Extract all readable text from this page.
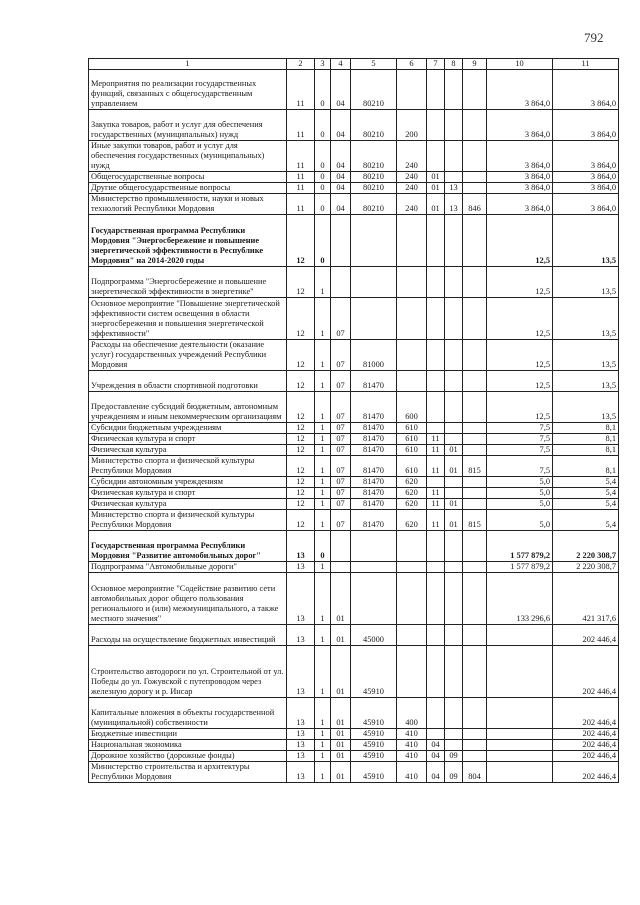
792
1	2	3	4	5	6	7	8	9	10	11
Мероприятия по реализации государственных функций, связанных с общегосударственным управлением	11	0	04	80210					3 864,0	3 864,0
Закупка товаров, работ и услуг для обеспечения государственных (муниципальных) нужд	11	0	04	80210	200				3 864,0	3 864,0
Иные закупки товаров, работ и услуг для обеспечения государственных (муниципальных) нужд	11	0	04	80210	240				3 864,0	3 864,0
Общегосударственные вопросы	11	0	04	80210	240	01			3 864,0	3 864,0
Другие общегосударственные вопросы	11	0	04	80210	240	01	13		3 864,0	3 864,0
Министерство промышленности, науки и новых технологий Республики Мордовия	11	0	04	80210	240	01	13	846	3 864,0	3 864,0
Государственная программа Республики Мордовия "Энергосбережение и повышение энергетической эффективности в Республике Мордовия" на 2014-2020 годы	12	0							12,5	13,5
Подпрограмма "Энергосбережение и повышение энергетической эффективности в энергетике"	12	1							12,5	13,5
Основное мероприятие "Повышение энергетической эффективности систем освещения в области энергосбережения и повышения энергетической эффективности"	12	1	07						12,5	13,5
Расходы на обеспечение деятельности (оказание услуг) государственных учреждений Республики Мордовия	12	1	07	81000					12,5	13,5
Учреждения в области спортивной подготовки	12	1	07	81470					12,5	13,5
Предоставление субсидий бюджетным, автономным учреждениям и иным некоммерческим организациям	12	1	07	81470	600				12,5	13,5
Субсидии бюджетным учреждениям	12	1	07	81470	610				7,5	8,1
Физическая культура и спорт	12	1	07	81470	610	11			7,5	8,1
Физическая культура	12	1	07	81470	610	11	01		7,5	8,1
Министерство спорта и физической культуры Республики Мордовия	12	1	07	81470	610	11	01	815	7,5	8,1
Субсидии автономным учреждениям	12	1	07	81470	620				5,0	5,4
Физическая культура и спорт	12	1	07	81470	620	11			5,0	5,4
Физическая культура	12	1	07	81470	620	11	01		5,0	5,4
Министерство спорта и физической культуры Республики Мордовия	12	1	07	81470	620	11	01	815	5,0	5,4
Государственная программа Республики Мордовия "Развитие автомобильных дорог"	13	0							1 577 879,2	2 220 308,7
Подпрограмма "Автомобильные дороги"	13	1							1 577 879,2	2 220 308,7
Основное мероприятие "Содействие развитию сети автомобильных дорог общего пользования регионального и (или) межмуниципального, а также местного значения"	13	1	01						133 296,6	421 317,6
Расходы на осуществление бюджетных инвестиций	13	1	01	45000						202 446,4
Строительство автодороги по ул. Строительной от ул. Победы до ул. Гожувской с путепроводом через железную дорогу и р. Инсар	13	1	01	45910						202 446,4
Капитальные вложения в объекты государственной (муниципальной) собственности	13	1	01	45910	400					202 446,4
Бюджетные инвестиции	13	1	01	45910	410					202 446,4
Национальная экономика	13	1	01	45910	410	04				202 446,4
Дорожное хозяйство (дорожные фонды)	13	1	01	45910	410	04	09			202 446,4
Министерство строительства и архитектуры Республики Мордовия	13	1	01	45910	410	04	09	804		202 446,4
